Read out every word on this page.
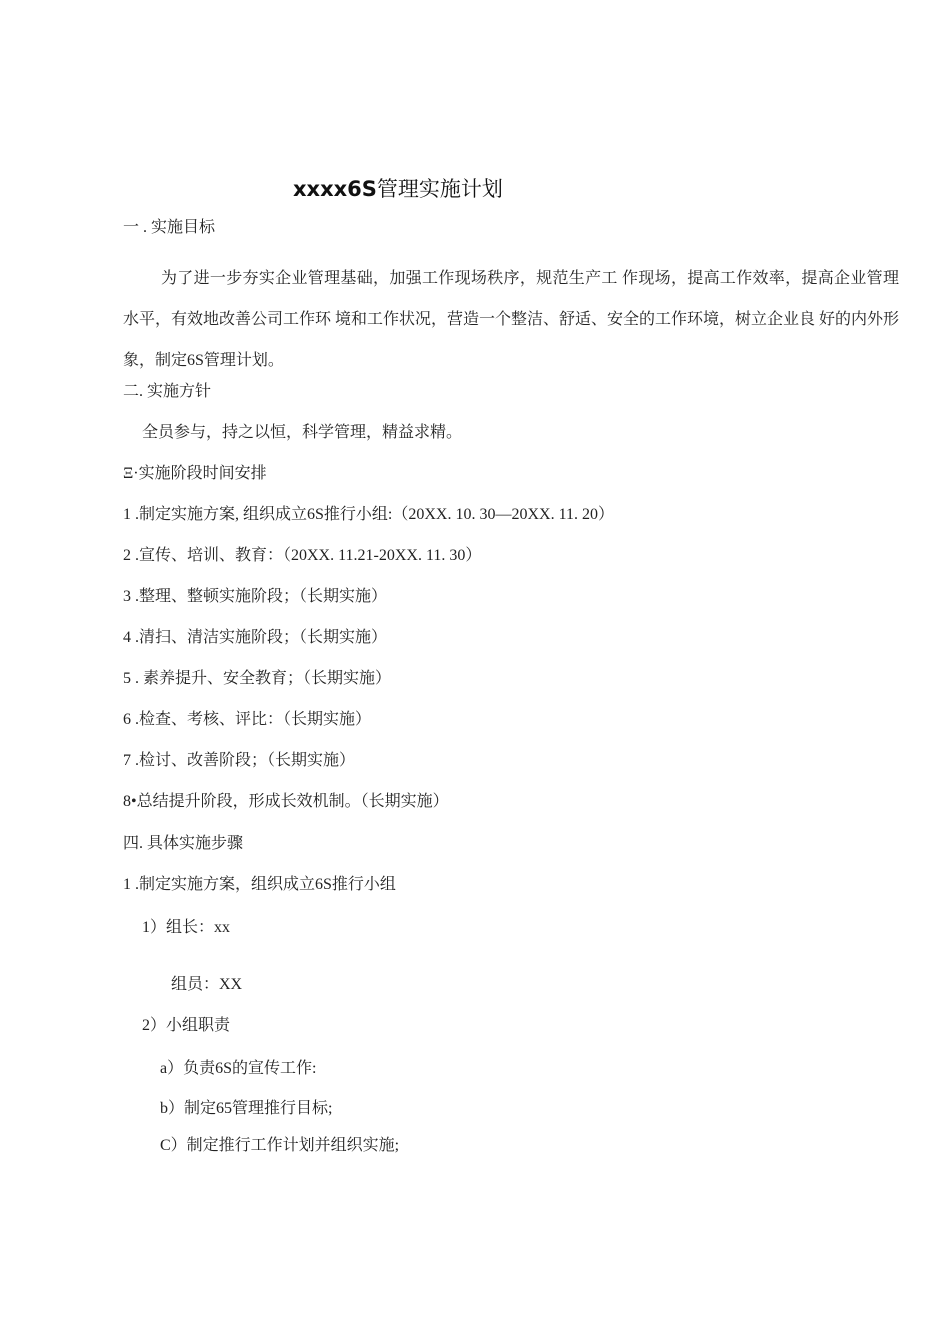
xxxx6S管理实施计划
一 . 实施目标
为了进一步夯实企业管理基础，加强工作现场秩序，规范生产工 作现场，提高工作效率，提高企业管理水平，有效地改善公司工作环 境和工作状况，营造一个整洁、舒适、安全的工作环境，树立企业良 好的内外形象，制定6S管理计划。
二. 实施方针
全员参与，持之以恒，科学管理，精益求精。
Ξ·实施阶段时间安排
1 .制定实施方案, 组织成立6S推行小组:（20XX. 10. 30—20XX. 11. 20）
2 .宣传、培训、教育：（20XX. 11.21-20XX. 11. 30）
3 .整理、整顿实施阶段；（长期实施）
4 .清扫、清洁实施阶段；（长期实施）
5 . 素养提升、安全教育；（长期实施）
6 .检查、考核、评比：（长期实施）
7 .检讨、改善阶段；（长期实施）
8•总结提升阶段，形成长效机制。（长期实施）
四. 具体实施步骤
1 .制定实施方案，组织成立6S推行小组
1）组长：xx
组员：XX
2）小组职责
a）负责6S的宣传工作:
b）制定65管理推行目标;
C）制定推行工作计划并组织实施;
